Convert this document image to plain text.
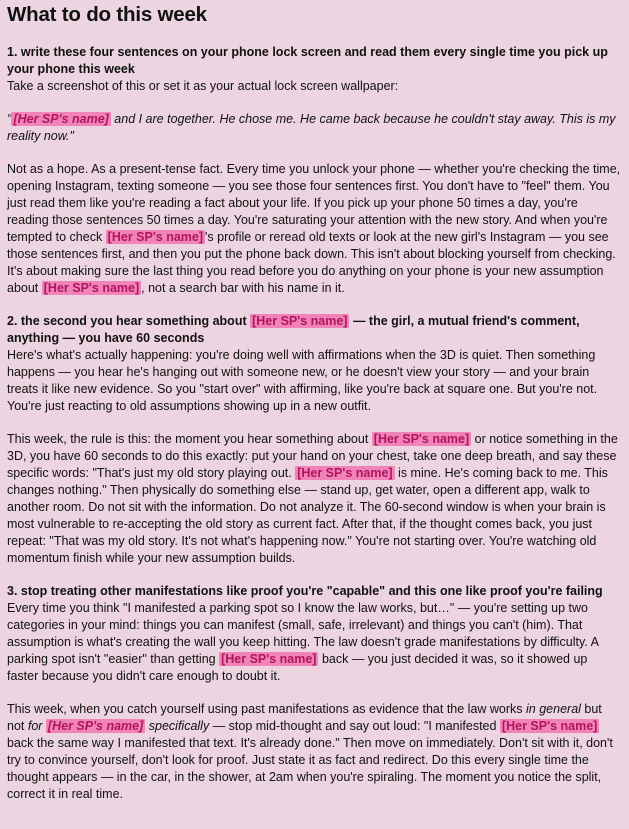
What to do this week

1. write these four sentences on your phone lock screen and read them every single time you pick up your phone this week

Take a screenshot of this or set it as your actual lock screen wallpaper:

" [Her SP's name] and I are together. He chose me. He came back because he couldn't stay away. This is my reality now."

Not as a hope. As a present-tense fact. Every time you unlock your phone — whether you're checking the time, opening Instagram, texting someone — you see those four sentences first. You don't have to "feel" them. You just read them like you're reading a fact about your life. If you pick up your phone 50 times a day, you're reading those sentences 50 times a day. You're saturating your attention with the new story. And when you're tempted to check [Her SP's name] 's profile or reread old texts or look at the new girl's Instagram — you see those sentences first, and then you put the phone back down. This isn't about blocking yourself from checking. It's about making sure the last thing you read before you do anything on your phone is your new assumption about [Her SP's name] , not a search bar with his name in it.

2. the second you hear something about [Her SP's name] — the girl, a mutual friend's comment, anything — you have 60 seconds

Here's what's actually happening: you're doing well with affirmations when the 3D is quiet. Then something happens — you hear he's hanging out with someone new, or he doesn't view your story — and your brain treats it like new evidence. So you "start over" with affirming, like you're back at square one. But you're not. You're just reacting to old assumptions showing up in a new outfit.

This week, the rule is this: the moment you hear something about [Her SP's name] or notice something in the 3D, you have 60 seconds to do this exactly: put your hand on your chest, take one deep breath, and say these specific words: "That's just my old story playing out. [Her SP's name] is mine. He's coming back to me. This changes nothing." Then physically do something else — stand up, get water, open a different app, walk to another room. Do not sit with the information. Do not analyze it. The 60-second window is when your brain is most vulnerable to re-accepting the old story as current fact. After that, if the thought comes back, you just repeat: "That was my old story. It's not what's happening now." You're not starting over. You're watching old momentum finish while your new assumption builds.

3. stop treating other manifestations like proof you're "capable" and this one like proof you're failing

Every time you think "I manifested a parking spot so I know the law works, but…" — you're setting up two categories in your mind: things you can manifest (small, safe, irrelevant) and things you can't (him). That assumption is what's creating the wall you keep hitting. The law doesn't grade manifestations by difficulty. A parking spot isn't "easier" than getting [Her SP's name] back — you just decided it was, so it showed up faster because you didn't care enough to doubt it.

This week, when you catch yourself using past manifestations as evidence that the law works in general but not for [Her SP's name] specifically — stop mid-thought and say out loud: "I manifested [Her SP's name] back the same way I manifested that text. It's already done." Then move on immediately. Don't sit with it, don't try to convince yourself, don't look for proof. Just state it as fact and redirect. Do this every single time the thought appears — in the car, in the shower, at 2am when you're spiraling. The moment you notice the split, correct it in real time.
